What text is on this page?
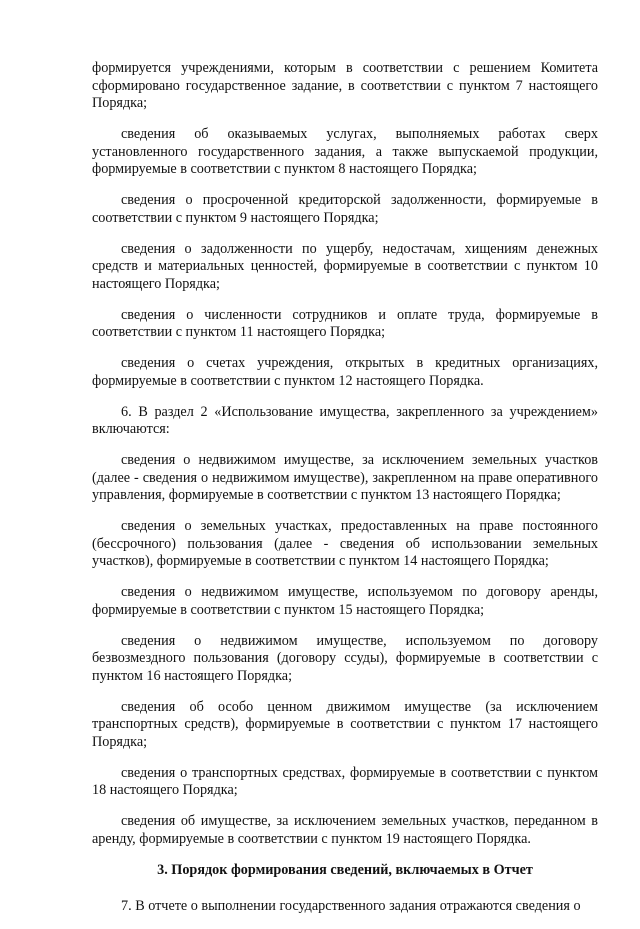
формируется учреждениями, которым в соответствии с решением Комитета сформировано государственное задание, в соответствии с пунктом 7 настоящего Порядка;

сведения об оказываемых услугах, выполняемых работах сверх установленного государственного задания, а также выпускаемой продукции, формируемые в соответствии с пунктом 8 настоящего Порядка;

сведения о просроченной кредиторской задолженности, формируемые в соответствии с пунктом 9 настоящего Порядка;

сведения о задолженности по ущербу, недостачам, хищениям денежных средств и материальных ценностей, формируемые в соответствии с пунктом 10 настоящего Порядка;

сведения о численности сотрудников и оплате труда, формируемые в соответствии с пунктом 11 настоящего Порядка;

сведения о счетах учреждения, открытых в кредитных организациях, формируемые в соответствии с пунктом 12 настоящего Порядка.

6. В раздел 2 «Использование имущества, закрепленного за учреждением» включаются:

сведения о недвижимом имуществе, за исключением земельных участков (далее - сведения о недвижимом имуществе), закрепленном на праве оперативного управления, формируемые в соответствии с пунктом 13 настоящего Порядка;

сведения о земельных участках, предоставленных на праве постоянного (бессрочного) пользования (далее - сведения об использовании земельных участков), формируемые в соответствии с пунктом 14 настоящего Порядка;

сведения о недвижимом имуществе, используемом по договору аренды, формируемые в соответствии с пунктом 15 настоящего Порядка;

сведения о недвижимом имуществе, используемом по договору безвозмездного пользования (договору ссуды), формируемые в соответствии с пунктом 16 настоящего Порядка;

сведения об особо ценном движимом имуществе (за исключением транспортных средств), формируемые в соответствии с пунктом 17 настоящего Порядка;

сведения о транспортных средствах, формируемые в соответствии с пунктом 18 настоящего Порядка;

сведения об имуществе, за исключением земельных участков, переданном в аренду, формируемые в соответствии с пунктом 19 настоящего Порядка.

3. Порядок формирования сведений, включаемых в Отчет

7. В отчете о выполнении государственного задания отражаются сведения о
